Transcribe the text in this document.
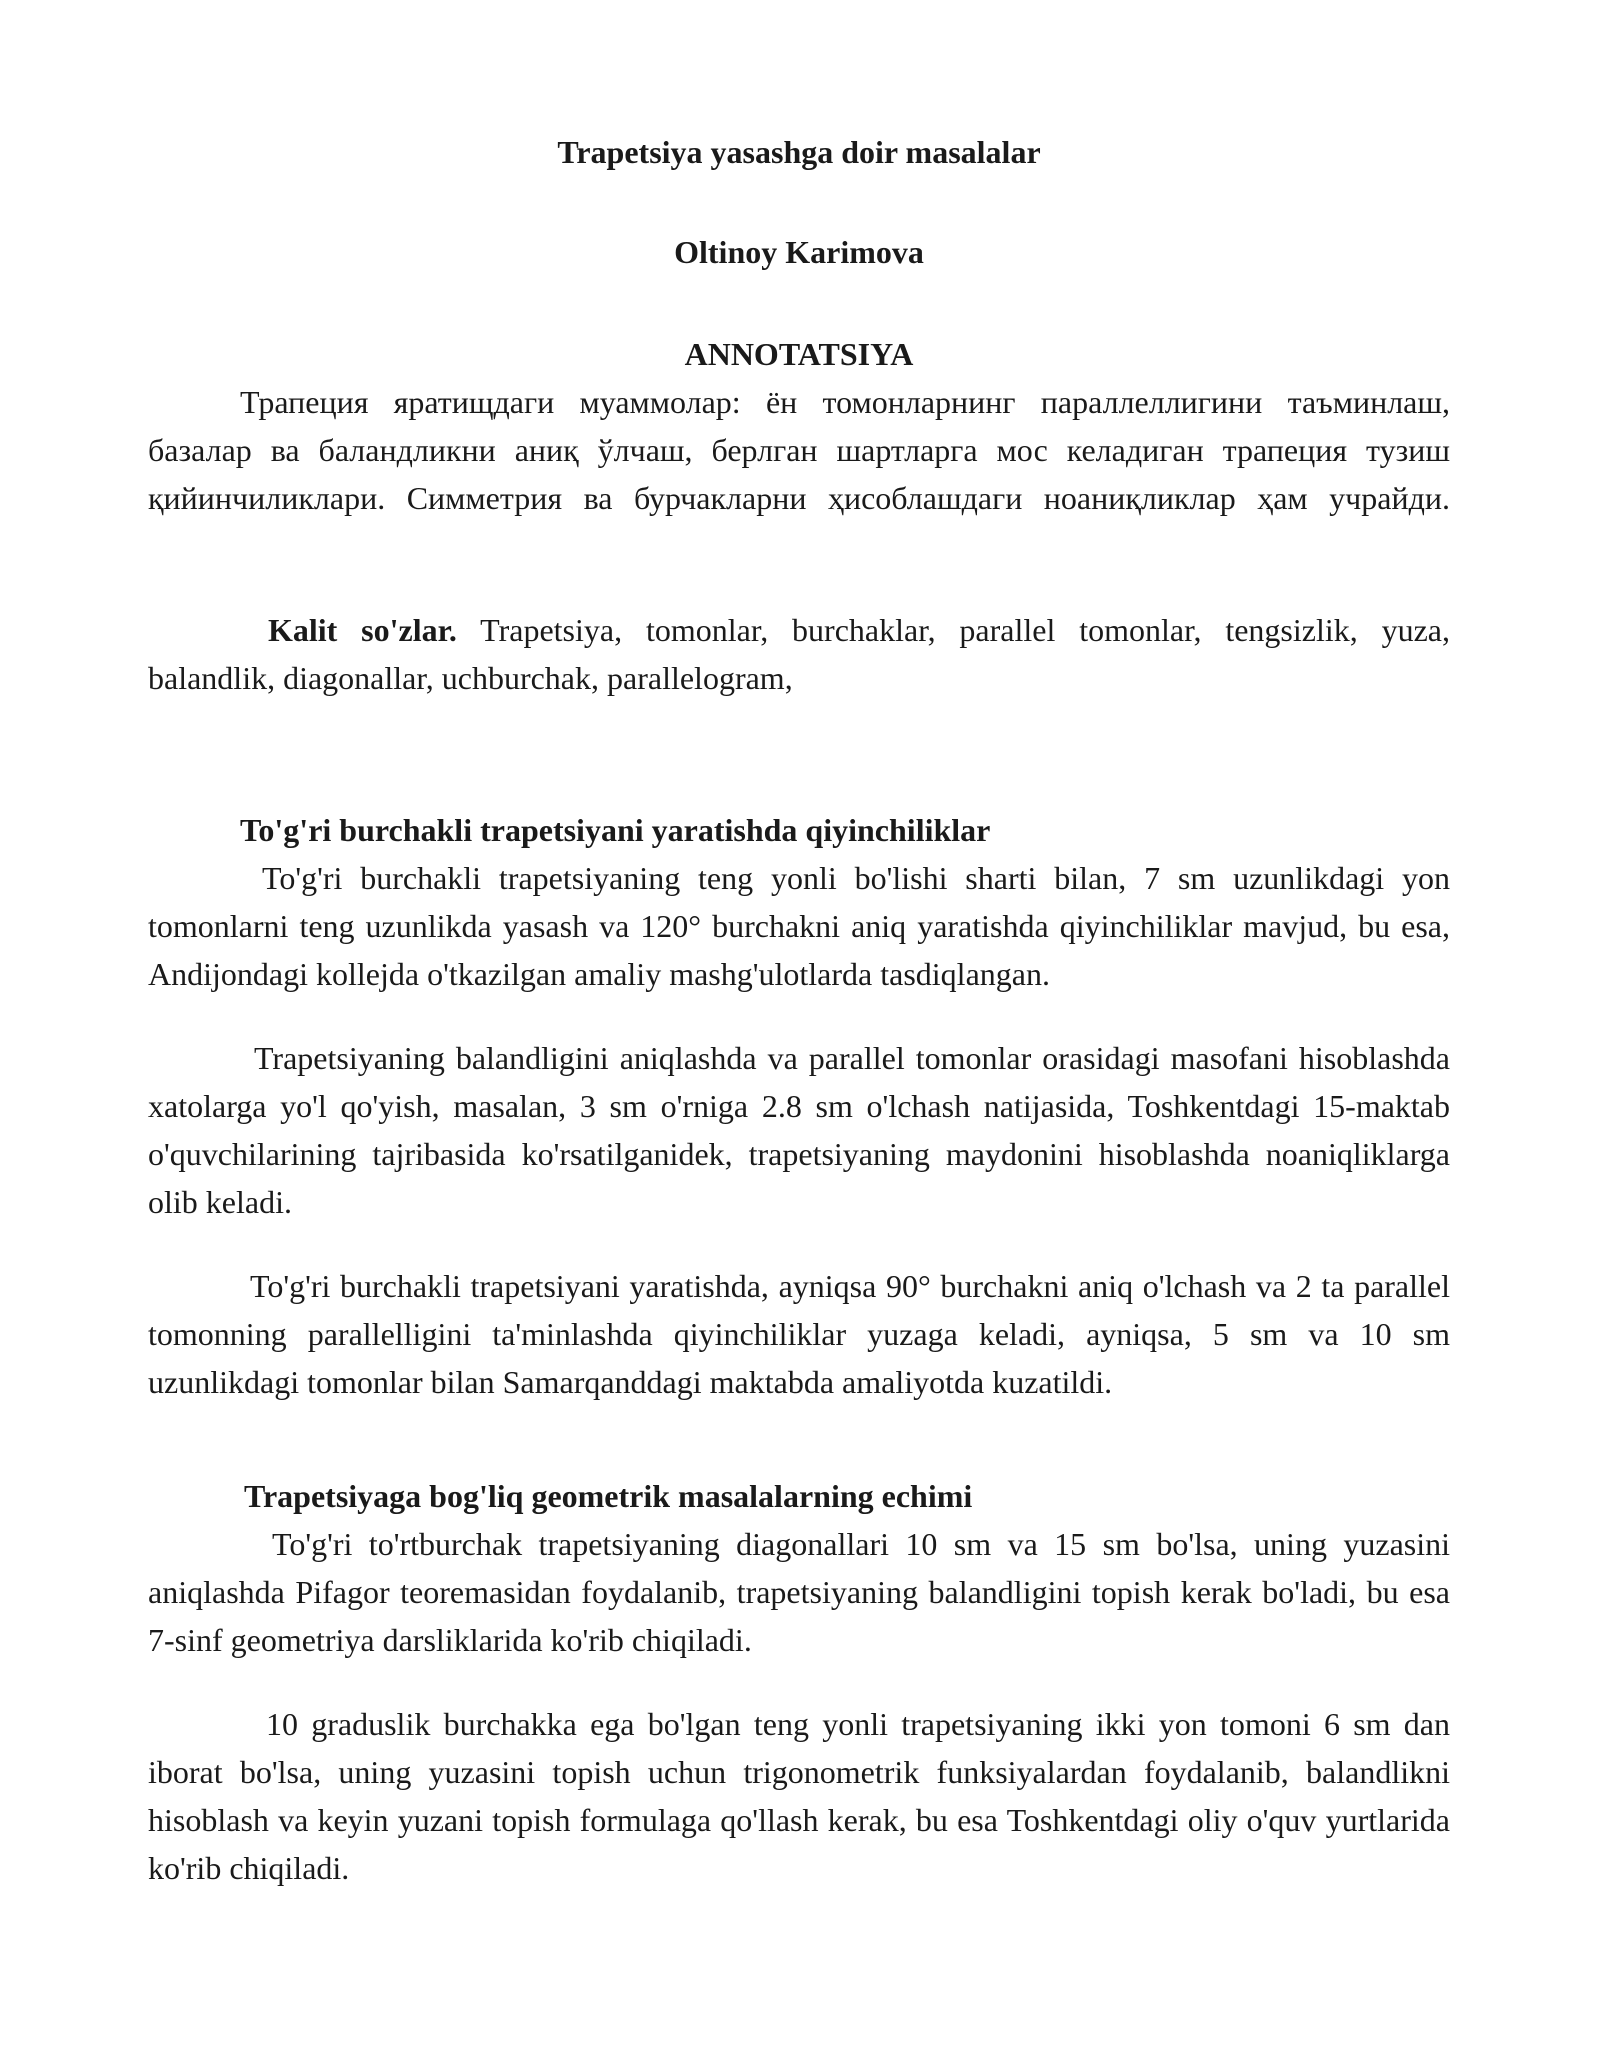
Trapetsiya yasashga doir masalalar
Oltinoy Karimova
ANNOTATSIYA

Трапеция яратищдаги муаммолар: ён томонларнинг параллеллигини таъминлаш, базалар ва баландликни аниқ ўлчаш, берлган шартларга мос келадиган трапеция тузиш қийинчиликлари. Симметрия ва бурчакларни ҳисоблашдаги ноаниқликлар ҳам учрайди.

Kalit so'zlar. Trapetsiya, tomonlar, burchaklar, parallel tomonlar, tengsizlik, yuza, balandlik, diagonallar, uchburchak, parallelogram,

To'g'ri burchakli trapetsiyani yaratishda qiyinchiliklar

To'g'ri burchakli trapetsiyaning teng yonli bo'lishi sharti bilan, 7 sm uzunlikdagi yon tomonlarni teng uzunlikda yasash va 120° burchakni aniq yaratishda qiyinchiliklar mavjud, bu esa, Andijondagi kollejda o'tkazilgan amaliy mashg'ulotlarda tasdiqlangan.

Trapetsiyaning balandligini aniqlashda va parallel tomonlar orasidagi masofani hisoblashda xatolarga yo'l qo'yish, masalan, 3 sm o'rniga 2.8 sm o'lchash natijasida, Toshkentdagi 15-maktab o'quvchilarining tajribasida ko'rsatilganidek, trapetsiyaning maydonini hisoblashda noaniqliklarga olib keladi.

To'g'ri burchakli trapetsiyani yaratishda, ayniqsa 90° burchakni aniq o'lchash va 2 ta parallel tomonning parallelligini ta'minlashda qiyinchiliklar yuzaga keladi, ayniqsa, 5 sm va 10 sm uzunlikdagi tomonlar bilan Samarqanddagi maktabda amaliyotda kuzatildi.

Trapetsiyaga bog'liq geometrik masalalarning echimi

To'g'ri to'rtburchak trapetsiyaning diagonallari 10 sm va 15 sm bo'lsa, uning yuzasini aniqlashda Pifagor teoremasidan foydalanib, trapetsiyaning balandligini topish kerak bo'ladi, bu esa 7-sinf geometriya darsliklarida ko'rib chiqiladi.

10 graduslik burchakka ega bo'lgan teng yonli trapetsiyaning ikki yon tomoni 6 sm dan iborat bo'lsa, uning yuzasini topish uchun trigonometrik funksiyalardan foydalanib, balandlikni hisoblash va keyin yuzani topish formulaga qo'llash kerak, bu esa Toshkentdagi oliy o'quv yurtlarida ko'rib chiqiladi.
